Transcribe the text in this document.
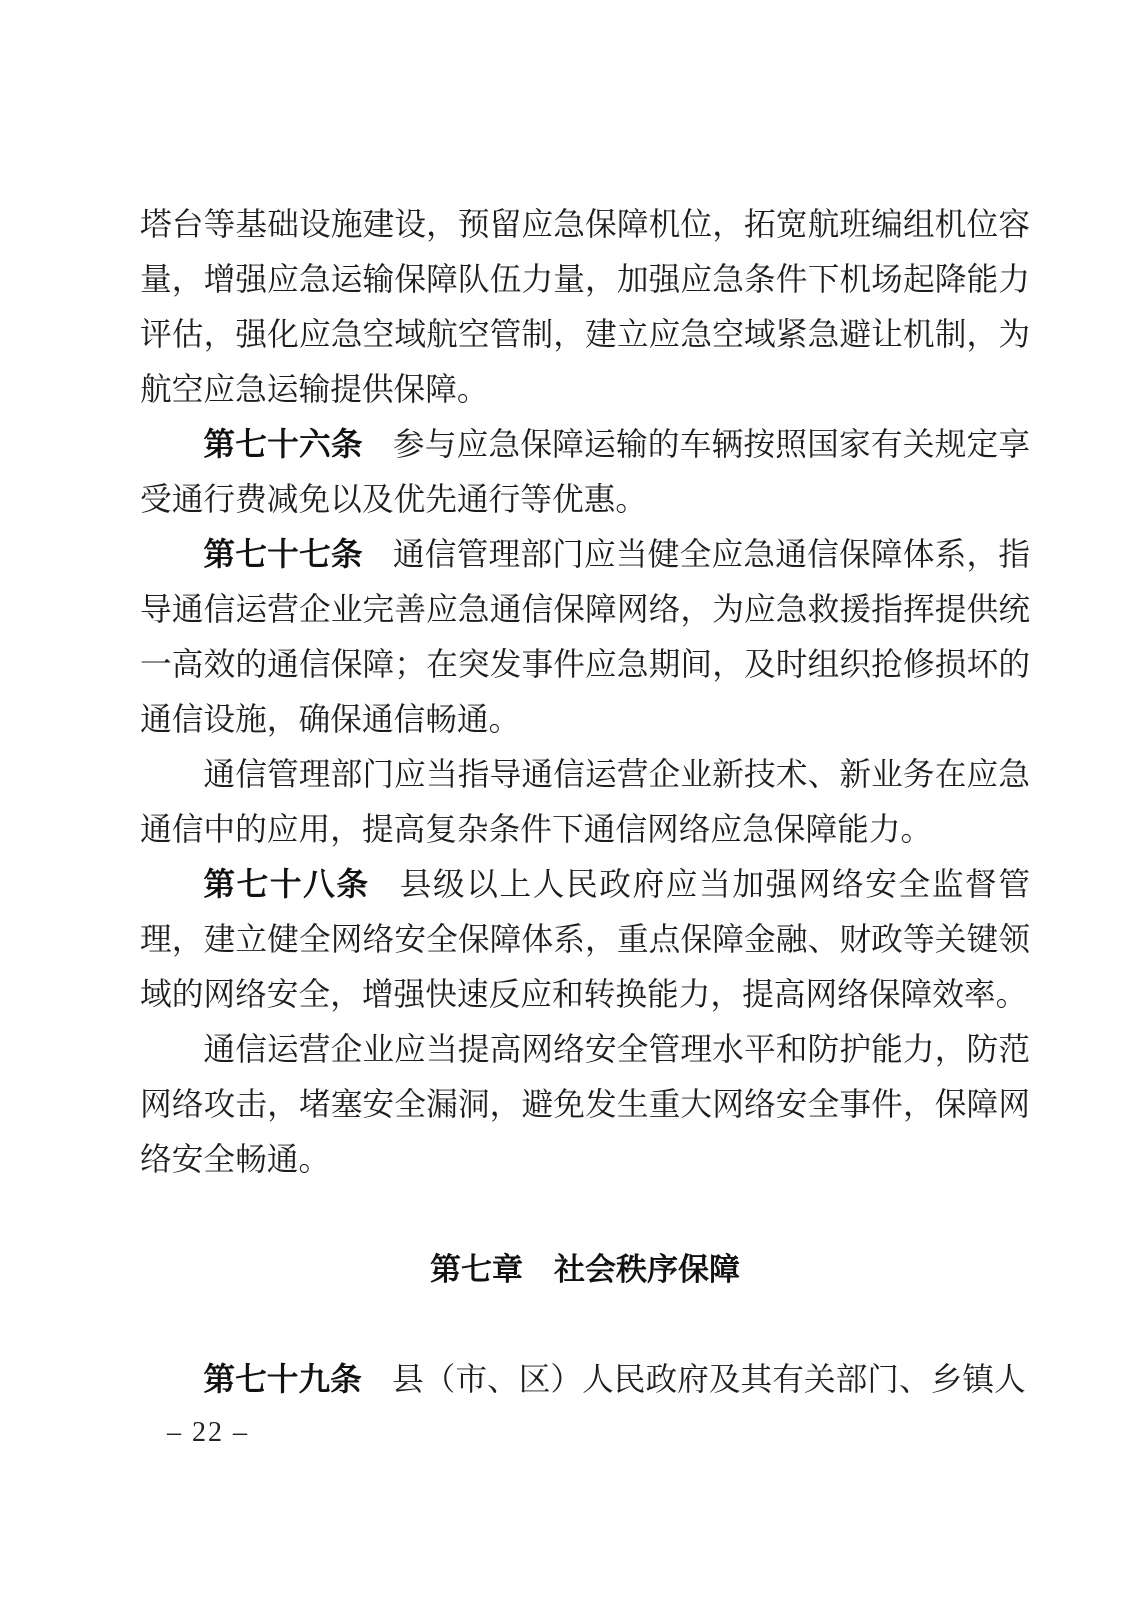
塔台等基础设施建设，预留应急保障机位，拓宽航班编组机位容量，增强应急运输保障队伍力量，加强应急条件下机场起降能力评估，强化应急空域航空管制，建立应急空域紧急避让机制，为航空应急运输提供保障。

第七十六条 参与应急保障运输的车辆按照国家有关规定享受通行费减免以及优先通行等优惠。

第七十七条 通信管理部门应当健全应急通信保障体系，指导通信运营企业完善应急通信保障网络，为应急救援指挥提供统一高效的通信保障；在突发事件应急期间，及时组织抢修损坏的通信设施，确保通信畅通。

通信管理部门应当指导通信运营企业新技术、新业务在应急通信中的应用，提高复杂条件下通信网络应急保障能力。

第七十八条 县级以上人民政府应当加强网络安全监督管理，建立健全网络安全保障体系，重点保障金融、财政等关键领域的网络安全，增强快速反应和转换能力，提高网络保障效率。

通信运营企业应当提高网络安全管理水平和防护能力，防范网络攻击，堵塞安全漏洞，避免发生重大网络安全事件，保障网络安全畅通。

第七章　社会秩序保障

第七十九条 县（市、区）人民政府及其有关部门、乡镇人

– 22 –
